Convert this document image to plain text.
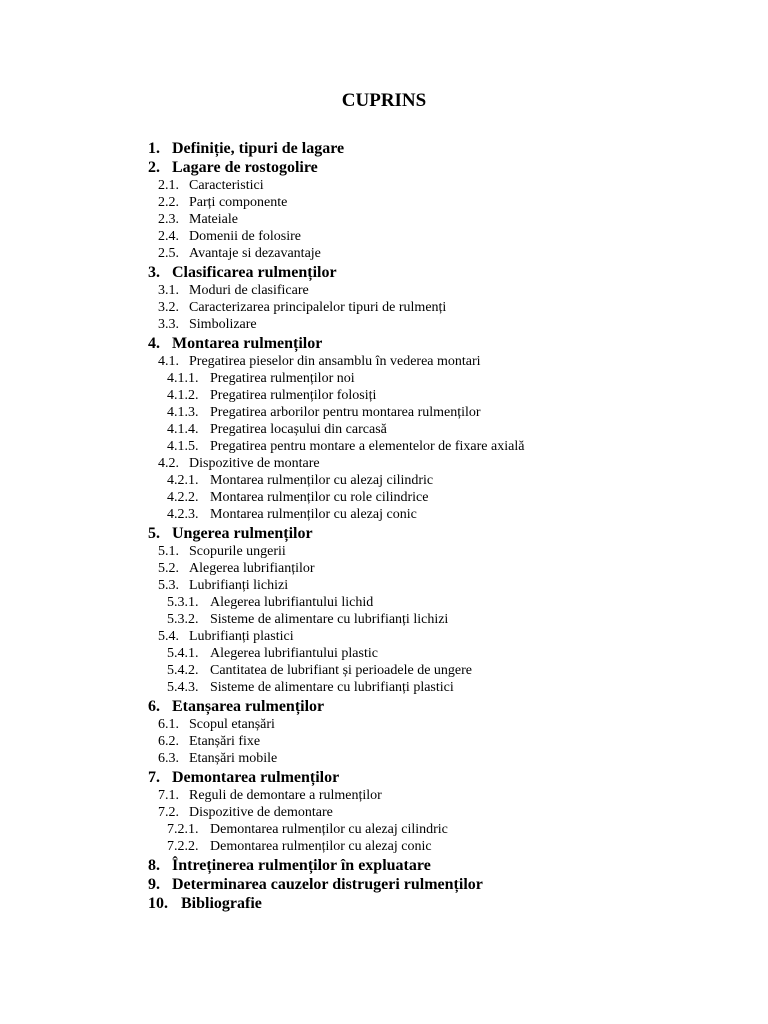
CUPRINS
1. Definiție, tipuri de lagare
2. Lagare de rostogolire
2.1. Caracteristici
2.2. Parți componente
2.3. Mateiale
2.4. Domenii de folosire
2.5. Avantaje si dezavantaje
3. Clasificarea rulmenților
3.1. Moduri de clasificare
3.2. Caracterizarea principalelor tipuri de rulmenți
3.3. Simbolizare
4. Montarea rulmenților
4.1. Pregatirea pieselor din ansamblu în vederea montari
4.1.1. Pregatirea rulmenților noi
4.1.2. Pregatirea rulmenților folosiți
4.1.3. Pregatirea arborilor pentru montarea rulmenților
4.1.4. Pregatirea locașului din carcasă
4.1.5. Pregatirea pentru montare a elementelor de fixare axială
4.2. Dispozitive de montare
4.2.1. Montarea rulmenților cu alezaj cilindric
4.2.2. Montarea rulmenților cu role cilindrice
4.2.3. Montarea rulmenților cu alezaj conic
5. Ungerea rulmenților
5.1. Scopurile ungerii
5.2. Alegerea lubrifianților
5.3. Lubrifianți lichizi
5.3.1. Alegerea lubrifiantului lichid
5.3.2. Sisteme de alimentare cu lubrifianți lichizi
5.4. Lubrifianți plastici
5.4.1. Alegerea lubrifiantului plastic
5.4.2. Cantitatea de lubrifiant și perioadele de ungere
5.4.3. Sisteme de alimentare cu lubrifianți plastici
6. Etanșarea rulmenților
6.1. Scopul etanșări
6.2. Etanșări fixe
6.3. Etanșări mobile
7. Demontarea rulmenților
7.1. Reguli de demontare a rulmenților
7.2. Dispozitive de demontare
7.2.1. Demontarea rulmenților cu alezaj cilindric
7.2.2. Demontarea rulmenților cu alezaj conic
8. Întreținerea rulmenților în expluatare
9. Determinarea cauzelor distrugeri rulmenților
10. Bibliografie
